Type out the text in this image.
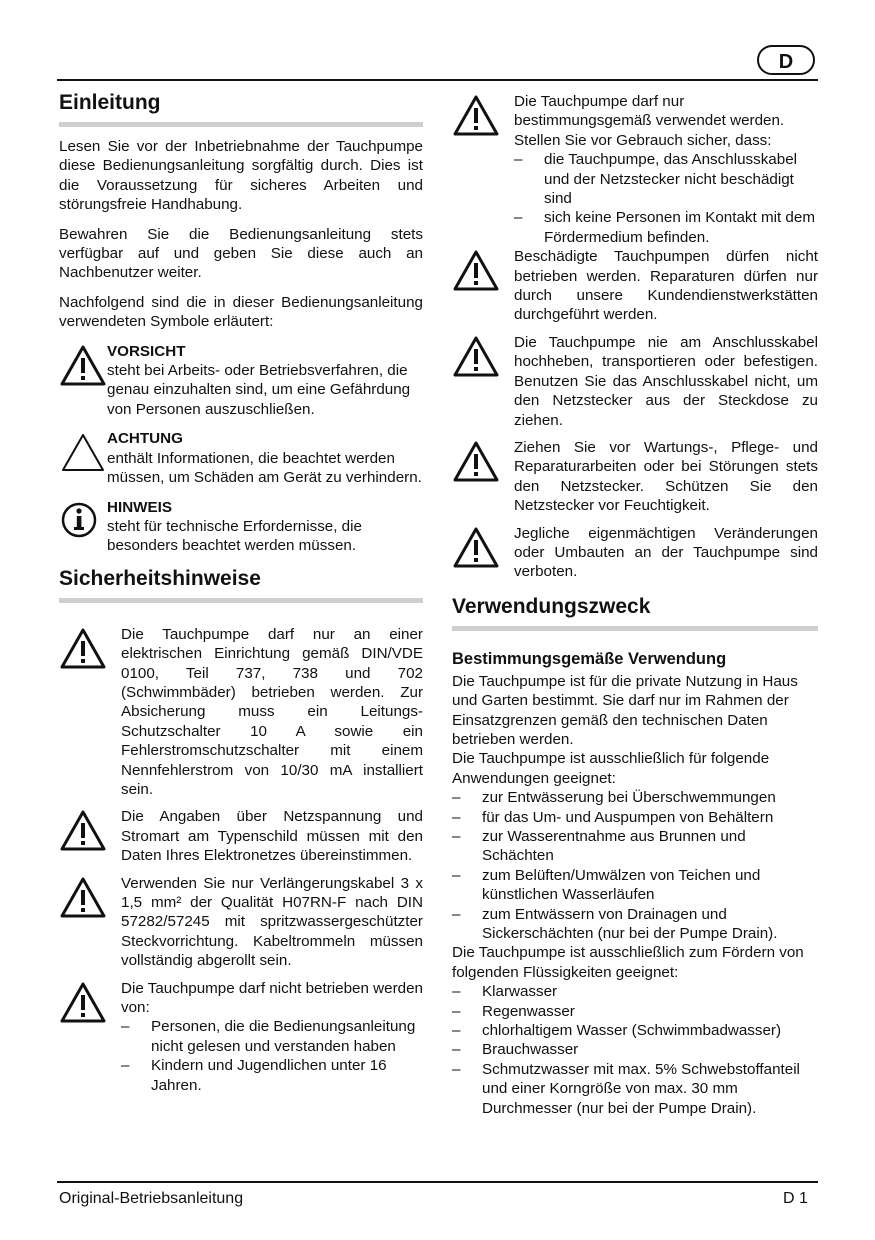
D
Einleitung

Lesen Sie vor der Inbetriebnahme der Tauchpumpe diese Bedienungsanleitung sorgfältig durch. Dies ist die Voraussetzung für sicheres Arbeiten und störungsfreie Handhabung.

Bewahren Sie die Bedienungsanleitung stets verfügbar auf und geben Sie diese auch an Nachbenutzer weiter.

Nachfolgend sind die in dieser Bedienungsanleitung verwendeten Symbole erläutert:

VORSICHT

steht bei Arbeits- oder Betriebsverfahren, die genau einzuhalten sind, um eine Gefährdung von Personen auszuschließen.

ACHTUNG

enthält Informationen, die beachtet werden müssen, um Schäden am Gerät zu verhindern.

HINWEIS

steht für technische Erfordernisse, die besonders beachtet werden müssen.

Sicherheitshinweise

Die Tauchpumpe darf nur an einer elektrischen Einrichtung gemäß DIN/VDE 0100, Teil 737, 738 und 702 (Schwimmbäder) betrieben werden. Zur Absicherung muss ein Leitungs-Schutzschalter 10 A sowie ein Fehlerstromschutzschalter mit einem Nennfehlerstrom von 10/30 mA installiert sein.

Die Angaben über Netzspannung und Stromart am Typenschild müssen mit den Daten Ihres Elektronetzes übereinstimmen.

Verwenden Sie nur Verlängerungskabel 3 x 1,5 mm² der Qualität H07RN-F nach DIN 57282/57245 mit spritzwassergeschützter Steckvorrichtung. Kabeltrommeln müssen vollständig abgerollt sein.

Die Tauchpumpe darf nicht betrieben werden von:

– Personen, die die Bedienungsanleitung nicht gelesen und verstanden haben
– Kindern und Jugendlichen unter 16 Jahren.

Die Tauchpumpe darf nur bestimmungsgemäß verwendet werden. Stellen Sie vor Gebrauch sicher, dass:

– die Tauchpumpe, das Anschlusskabel und der Netzstecker nicht beschädigt sind
– sich keine Personen im Kontakt mit dem Fördermedium befinden.

Beschädigte Tauchpumpen dürfen nicht betrieben werden. Reparaturen dürfen nur durch unsere Kundendienstwerkstätten durchgeführt werden.

Die Tauchpumpe nie am Anschlusskabel hochheben, transportieren oder befestigen. Benutzen Sie das Anschlusskabel nicht, um den Netzstecker aus der Steckdose zu ziehen.

Ziehen Sie vor Wartungs-, Pflege- und Reparaturarbeiten oder bei Störungen stets den Netzstecker. Schützen Sie den Netzstecker vor Feuchtigkeit.

Jegliche eigenmächtigen Veränderungen oder Umbauten an der Tauchpumpe sind verboten.

Verwendungszweck
Bestimmungsgemäße Verwendung

Die Tauchpumpe ist für die private Nutzung in Haus und Garten bestimmt. Sie darf nur im Rahmen der Einsatzgrenzen gemäß den technischen Daten betrieben werden.

Die Tauchpumpe ist ausschließlich für folgende Anwendungen geeignet:

– zur Entwässerung bei Überschwemmungen
– für das Um- und Auspumpen von Behältern
– zur Wasserentnahme aus Brunnen und Schächten
– zum Belüften/Umwälzen von Teichen und künstlichen Wasserläufen
– zum Entwässern von Drainagen und Sickerschächten (nur bei der Pumpe Drain).

Die Tauchpumpe ist ausschließlich zum Fördern von folgenden Flüssigkeiten geeignet:

– Klarwasser
– Regenwasser
– chlorhaltigem Wasser (Schwimmbadwasser)
– Brauchwasser
– Schmutzwasser mit max. 5% Schwebstoffanteil und einer Korngröße von max. 30 mm Durchmesser (nur bei der Pumpe Drain).
Original-Betriebsanleitung	D 1
